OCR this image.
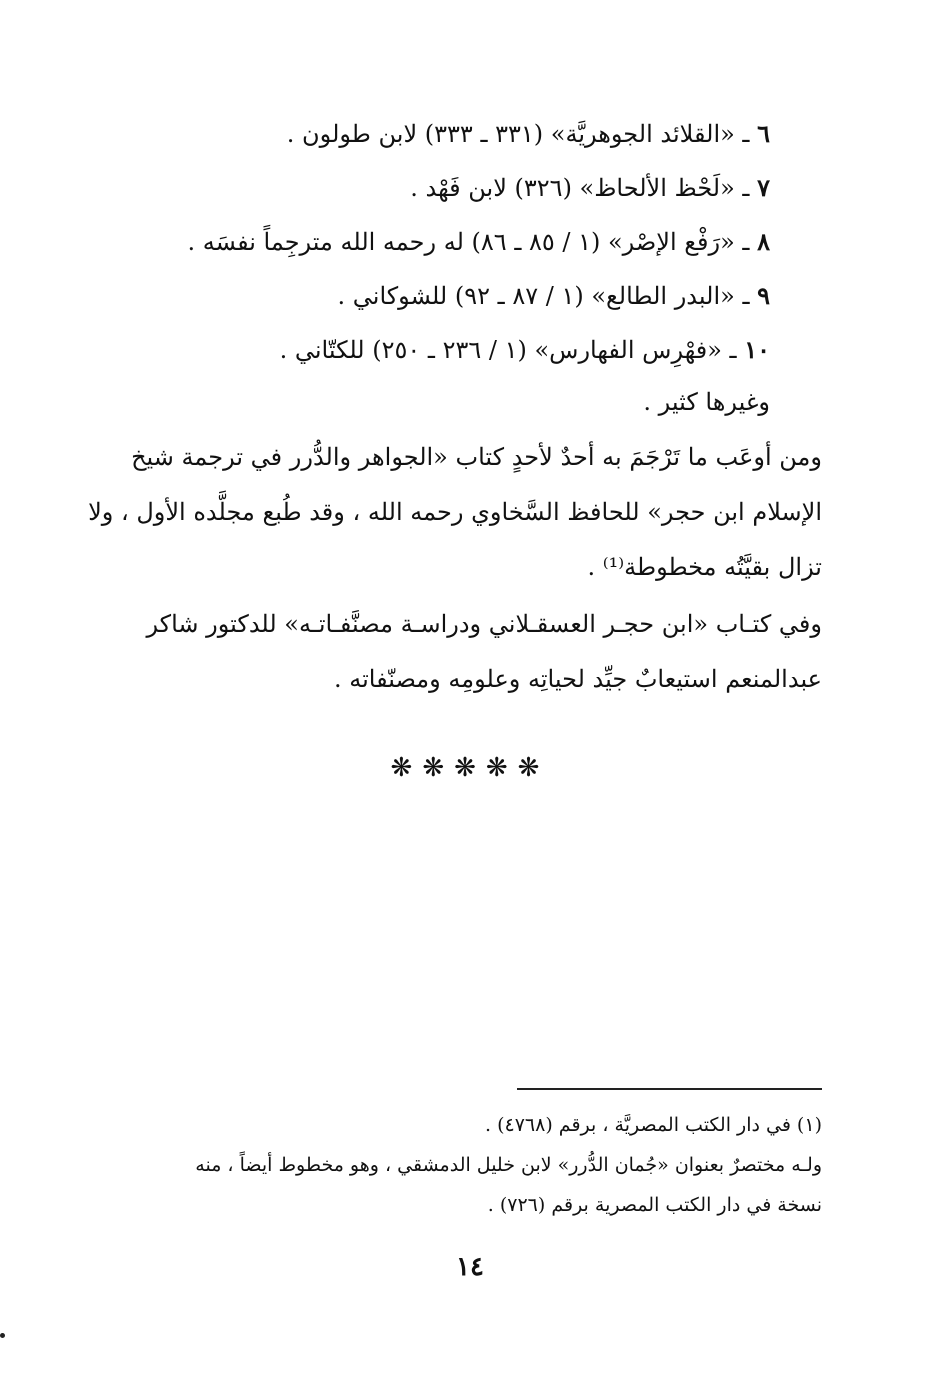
٦ ـ «القلائد الجوهريَّة» (٣٣١ ـ ٣٣٣) لابن طولون .
٧ ـ «لَحْظ الألحاظ» (٣٢٦) لابن فَهْد .
٨ ـ «رَفْع الإصْر» (١ / ٨٥ ـ ٨٦) له رحمه الله مترجِماً نفسَه .
٩ ـ «البدر الطالع» (١ / ٨٧ ـ ٩٢) للشوكاني .
١٠ ـ «فهْرِس الفهارس» (١ / ٢٣٦ ـ ٢٥٠) للكتّاني .
وغيرها كثير .
ومن أوعَب ما تَرْجَمَ به أحدٌ لأحدٍ كتاب «الجواهر والدُّرر في ترجمة شيخ
الإسلام ابن حجر» للحافظ السَّخاوي رحمه الله ، وقد طُبع مجلَّده الأول ، ولا
تزال بقيَّتُه مخطوطة⁽¹⁾ .
وفي كتـاب «ابن حجـر العسقـلاني ودراسـة مصنَّفـاتـه» للدكتور شاكر
عبدالمنعم استيعابٌ جيِّد لحياتِه وعلومِه ومصنّفاته .
❋❋❋❋❋
(١) في دار الكتب المصريَّة ، برقم (٤٧٦٨) .
ولـه مختصرٌ بعنوان «جُمان الدُّرر» لابن خليل الدمشقي ، وهو مخطوط أيضاً ، منه
نسخة في دار الكتب المصرية برقم (٧٢٦) .
١٤
